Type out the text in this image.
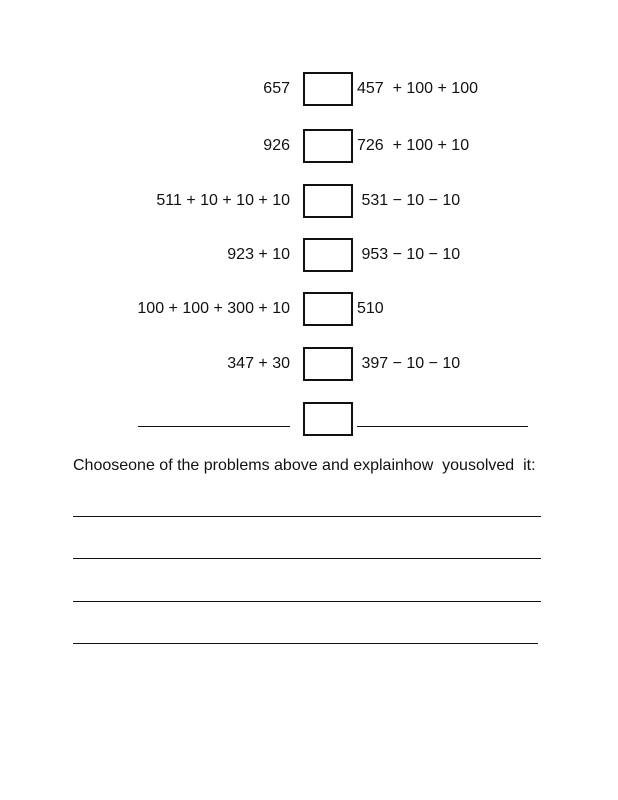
657	457  + 100 + 100
926	726  + 100 + 10
511 + 10 + 10 + 10	531 − 10 − 10
923 + 10	953 − 10 − 10
100 + 100 + 300 + 10	510
347 + 30	397 − 10 − 10
Chooseone of the problems above and explainhow  yousolved  it:
